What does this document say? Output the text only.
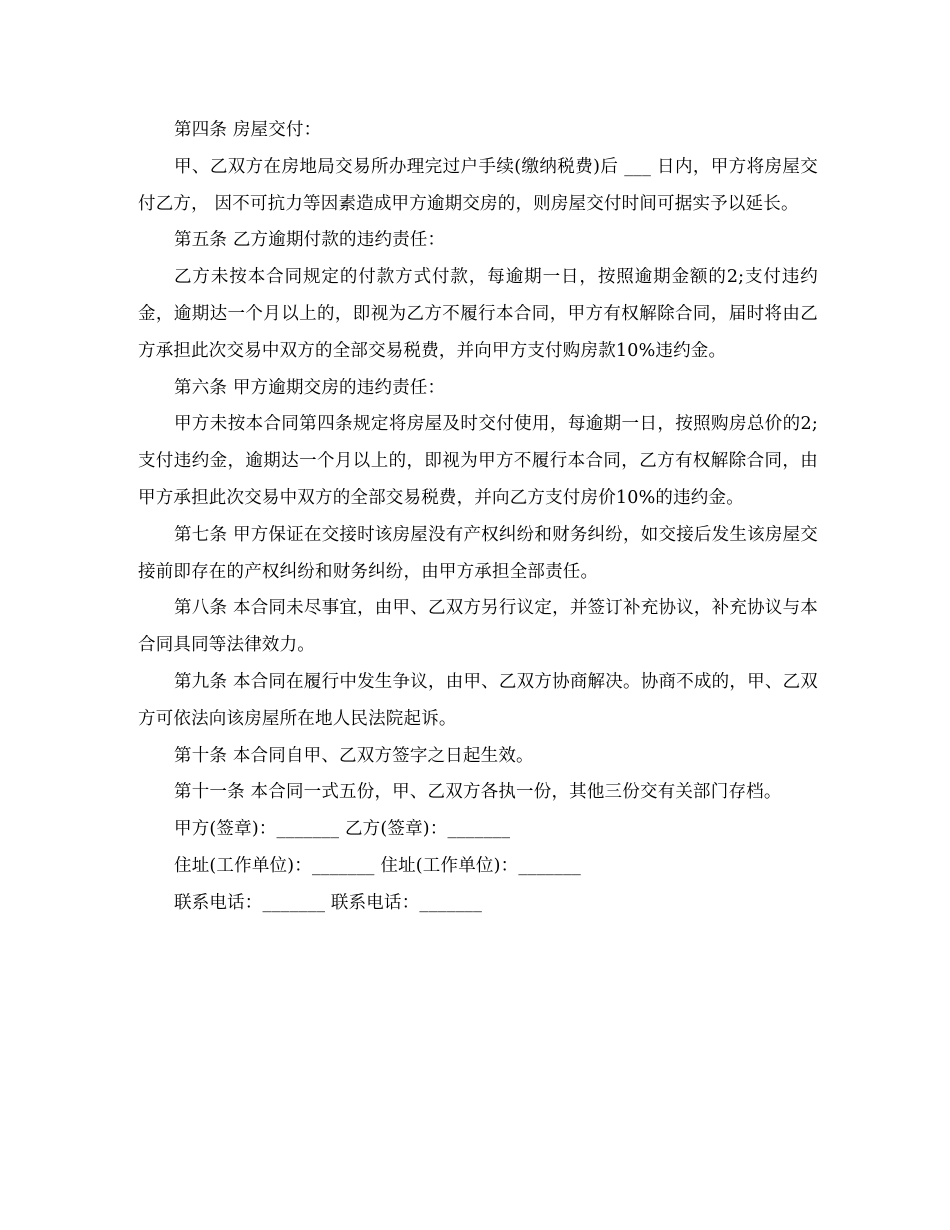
第四条 房屋交付：

甲、乙双方在房地局交易所办理完过户手续(缴纳税费)后 ___ 日内，甲方将房屋交付乙方， 因不可抗力等因素造成甲方逾期交房的，则房屋交付时间可据实予以延长。

第五条 乙方逾期付款的违约责任：

乙方未按本合同规定的付款方式付款，每逾期一日，按照逾期金额的2;支付违约金，逾期达一个月以上的，即视为乙方不履行本合同，甲方有权解除合同，届时将由乙方承担此次交易中双方的全部交易税费，并向甲方支付购房款10%违约金。

第六条 甲方逾期交房的违约责任：

甲方未按本合同第四条规定将房屋及时交付使用，每逾期一日，按照购房总价的2;支付违约金，逾期达一个月以上的，即视为甲方不履行本合同，乙方有权解除合同，由甲方承担此次交易中双方的全部交易税费，并向乙方支付房价10%的违约金。

第七条 甲方保证在交接时该房屋没有产权纠纷和财务纠纷，如交接后发生该房屋交接前即存在的产权纠纷和财务纠纷，由甲方承担全部责任。

第八条 本合同未尽事宜，由甲、乙双方另行议定，并签订补充协议，补充协议与本合同具同等法律效力。

第九条 本合同在履行中发生争议，由甲、乙双方协商解决。协商不成的，甲、乙双方可依法向该房屋所在地人民法院起诉。

第十条 本合同自甲、乙双方签字之日起生效。

第十一条 本合同一式五份，甲、乙双方各执一份，其他三份交有关部门存档。

甲方(签章)：_______ 乙方(签章)：_______

住址(工作单位)：_______ 住址(工作单位)：_______

联系电话：_______ 联系电话：_______
